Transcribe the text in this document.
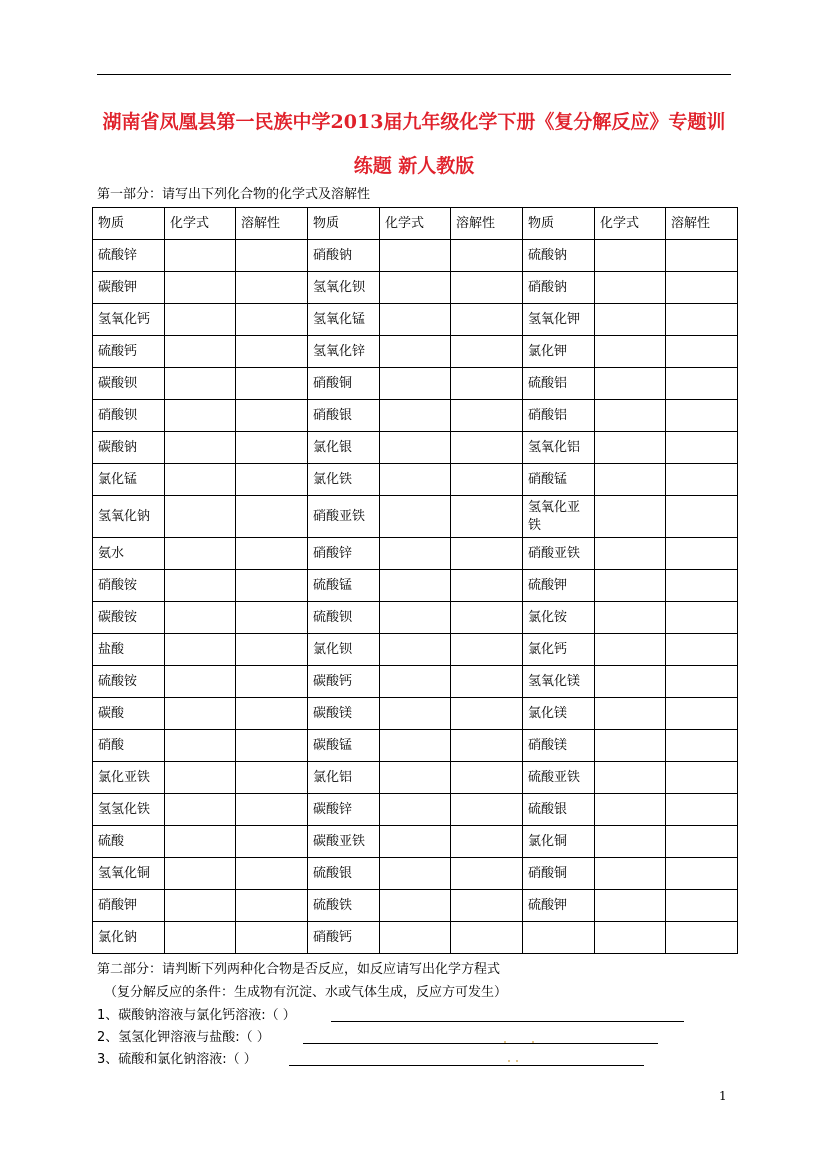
湖南省凤凰县第一民族中学2013届九年级化学下册《复分解反应》专题训
练题 新人教版
第一部分：请写出下列化合物的化学式及溶解性
物质	化学式	溶解性	物质	化学式	溶解性	物质	化学式	溶解性
硫酸锌			硝酸钠			硫酸钠		
碳酸钾			氢氧化钡			硝酸钠		
氢氧化钙			氢氧化锰			氢氧化钾		
硫酸钙			氢氧化锌			氯化钾		
碳酸钡			硝酸铜			硫酸铝		
硝酸钡			硝酸银			硝酸铝		
碳酸钠			氯化银			氢氧化铝		
氯化锰			氯化铁			硝酸锰		
氢氧化钠			硝酸亚铁			氢氧化亚铁		
氨水			硝酸锌			硝酸亚铁		
硝酸铵			硫酸锰			硫酸钾		
碳酸铵			硫酸钡			氯化铵		
盐酸			氯化钡			氯化钙		
硫酸铵			碳酸钙			氢氧化镁		
碳酸			碳酸镁			氯化镁		
硝酸			碳酸锰			硝酸镁		
氯化亚铁			氯化铝			硫酸亚铁		
氢氢化铁			碳酸锌			硫酸银		
硫酸			碳酸亚铁			氯化铜		
氢氧化铜			硫酸银			硝酸铜		
硝酸钾			硫酸铁			硫酸钾		
氯化钠			硝酸钙					
第二部分：请判断下列两种化合物是否反应，如反应请写出化学方程式
（复分解反应的条件：生成物有沉淀、水或气体生成，反应方可发生）
1、碳酸钠溶液与氯化钙溶液:（ ）
2、氢氢化钾溶液与盐酸:（ ）
3、硫酸和氯化钠溶液:（ ）
1
